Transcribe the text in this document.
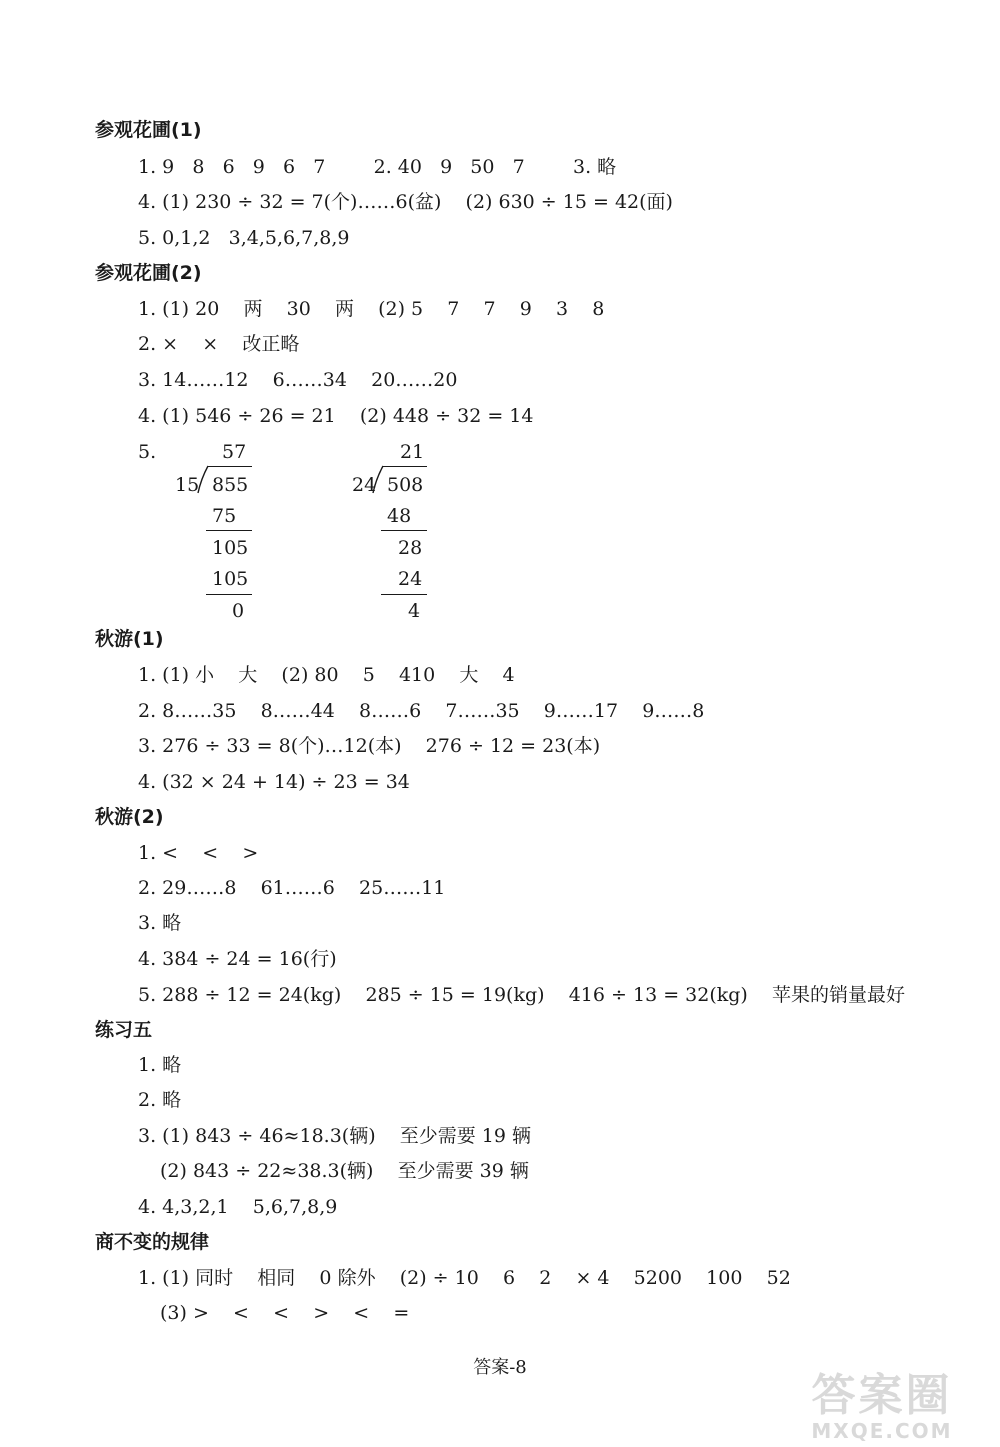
参观花圃(1)
1. 9   8   6   9   6   7        2. 40   9   50   7        3. 略
4. (1) 230 ÷ 32 = 7(个)……6(盆)    (2) 630 ÷ 15 = 42(面)
5. 0,1,2   3,4,5,6,7,8,9
参观花圃(2)
1. (1) 20    两    30    两    (2) 5    7    7    9    3    8
2. ×    ×    改正略
3. 14……12    6……34    20……20
4. (1) 546 ÷ 26 = 21    (2) 448 ÷ 32 = 14
5.	57
15 855
75
105
105
0
21
24 508
48
28
24
4
秋游(1)
1. (1) 小    大    (2) 80    5    410    大    4
2. 8……35    8……44    8……6    7……35    9……17    9……8
3. 276 ÷ 33 = 8(个)…12(本)    276 ÷ 12 = 23(本)
4. (32 × 24 + 14) ÷ 23 = 34
秋游(2)
1. <    <    >
2. 29……8    61……6    25……11
3. 略
4. 384 ÷ 24 = 16(行)
5. 288 ÷ 12 = 24(kg)    285 ÷ 15 = 19(kg)    416 ÷ 13 = 32(kg)    苹果的销量最好
练习五
1. 略
2. 略
3. (1) 843 ÷ 46≈18.3(辆)    至少需要 19 辆
(2) 843 ÷ 22≈38.3(辆)    至少需要 39 辆
4. 4,3,2,1    5,6,7,8,9
商不变的规律
1. (1) 同时    相同    0 除外    (2) ÷ 10    6    2    × 4    5200    100    52
(3) >    <    <    >    <    =
答案-8
答案圈
MXQE.COM
